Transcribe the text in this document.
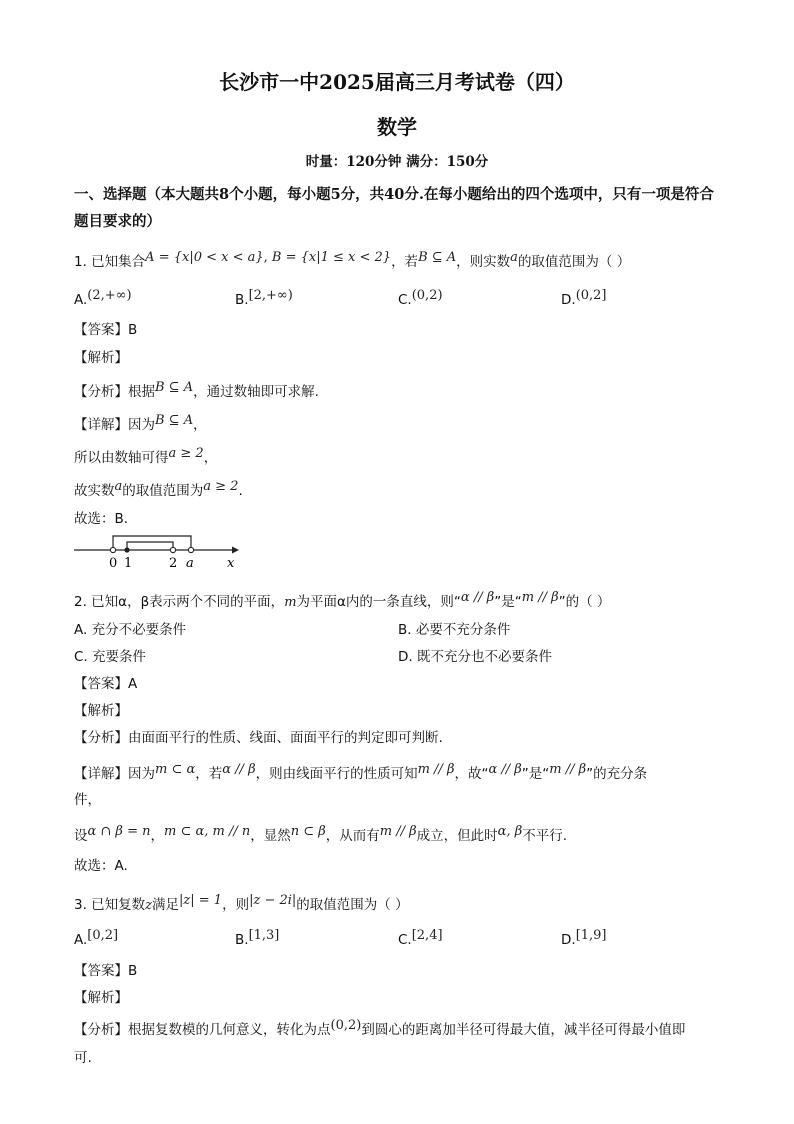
长沙市一中2025届高三月考试卷（四）
数学
时量：120分钟 满分：150分
一、选择题（本大题共8个小题，每小题5分，共40分.在每小题给出的四个选项中，只有一项是符合题目要求的）
1. 已知集合A = {x|0 < x < a}, B = {x|1 ≤ x < 2}，若B ⊆ A，则实数a的取值范围为（ ）
A.(2,+∞)	B.[2,+∞)	C.(0,2)	D.(0,2]
【答案】B
【解析】
【分析】根据B ⊆ A，通过数轴即可求解.
【详解】因为B ⊆ A，
所以由数轴可得a ≥ 2，
故实数a的取值范围为a ≥ 2.
故选：B.
0 1	2 a	x
2. 已知α，β表示两个不同的平面，m为平面α内的一条直线，则“α // β”是“m // β”的（ ）
A. 充分不必要条件	B. 必要不充分条件
C. 充要条件	D. 既不充分也不必要条件
【答案】A
【解析】
【分析】由面面平行的性质、线面、面面平行的判定即可判断.
【详解】因为m ⊂ α，若α // β，则由线面平行的性质可知m // β，故“α // β”是“m // β”的充分条
件，
设α ∩ β = n，m ⊂ α, m // n，显然n ⊂ β，从而有m // β成立，但此时α, β不平行.
故选：A.
3. 已知复数z满足|z| = 1，则|z − 2i|的取值范围为（ ）
A.[0,2]	B.[1,3]	C.[2,4]	D.[1,9]
【答案】B
【解析】
【分析】根据复数模的几何意义，转化为点(0,2)到圆心的距离加半径可得最大值，减半径可得最小值即
可.
